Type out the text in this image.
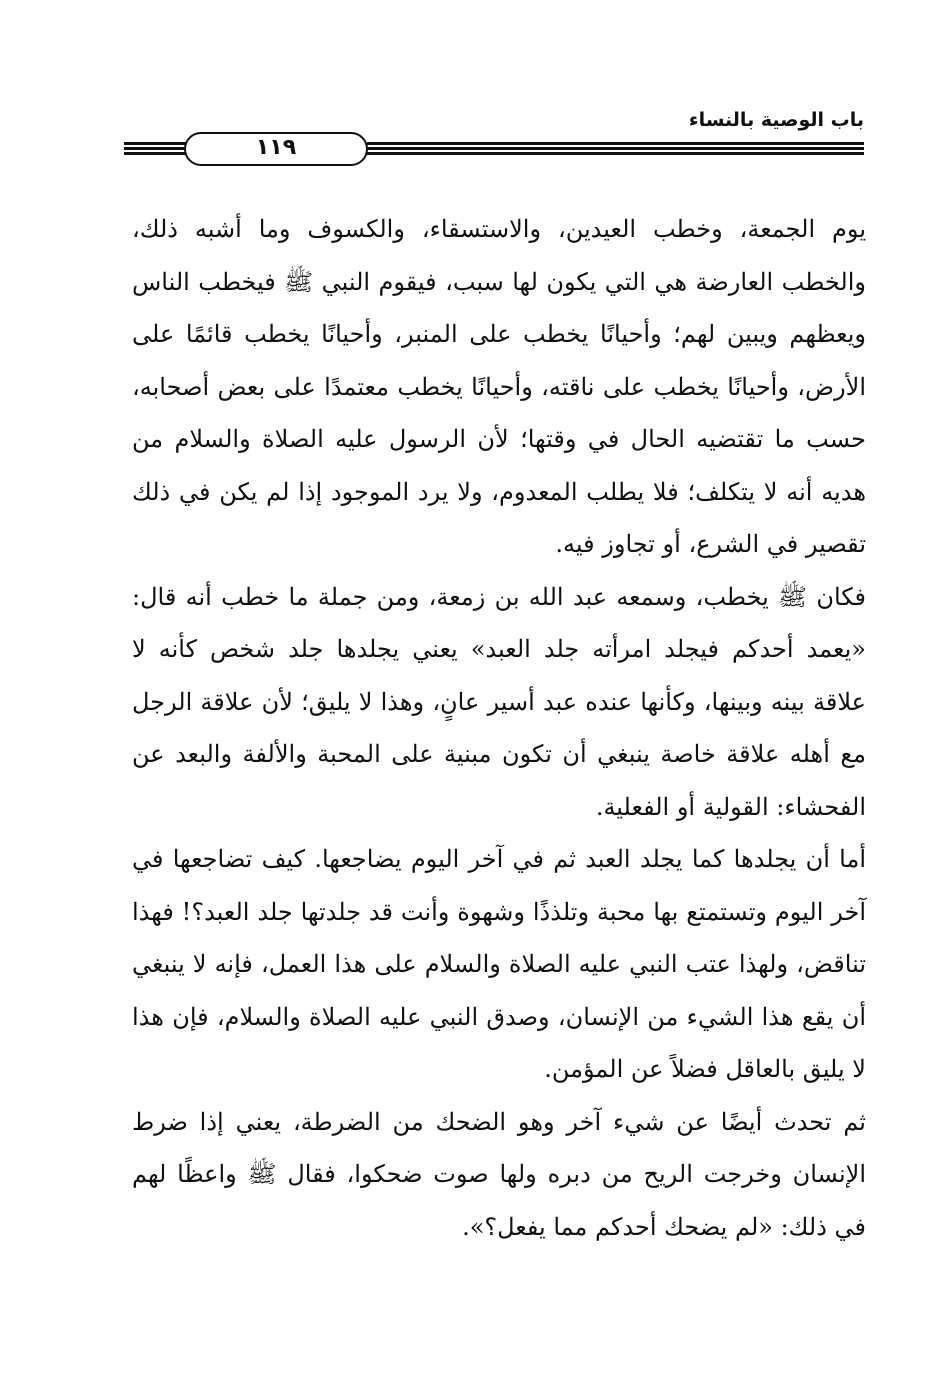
باب الوصية بالنساء
١١٩

يوم الجمعة، وخطب العيدين، والاستسقاء، والكسوف وما أشبه ذلك، والخطب العارضة هي التي يكون لها سبب، فيقوم النبي ﷺ فيخطب الناس ويعظهم ويبين لهم؛ وأحيانًا يخطب على المنبر، وأحيانًا يخطب قائمًا على الأرض، وأحيانًا يخطب على ناقته، وأحيانًا يخطب معتمدًا على بعض أصحابه، حسب ما تقتضيه الحال في وقتها؛ لأن الرسول عليه الصلاة والسلام من هديه أنه لا يتكلف؛ فلا يطلب المعدوم، ولا يرد الموجود إذا لم يكن في ذلك تقصير في الشرع، أو تجاوز فيه.

فكان ﷺ يخطب، وسمعه عبد الله بن زمعة، ومن جملة ما خطب أنه قال: «يعمد أحدكم فيجلد امرأته جلد العبد» يعني يجلدها جلد شخص كأنه لا علاقة بينه وبينها، وكأنها عنده عبد أسير عانٍ، وهذا لا يليق؛ لأن علاقة الرجل مع أهله علاقة خاصة ينبغي أن تكون مبنية على المحبة والألفة والبعد عن الفحشاء: القولية أو الفعلية.

أما أن يجلدها كما يجلد العبد ثم في آخر اليوم يضاجعها. كيف تضاجعها في آخر اليوم وتستمتع بها محبة وتلذذًا وشهوة وأنت قد جلدتها جلد العبد؟! فهذا تناقض، ولهذا عتب النبي عليه الصلاة والسلام على هذا العمل، فإنه لا ينبغي أن يقع هذا الشيء من الإنسان، وصدق النبي عليه الصلاة والسلام، فإن هذا لا يليق بالعاقل فضلاً عن المؤمن.

ثم تحدث أيضًا عن شيء آخر وهو الضحك من الضرطة، يعني إذا ضرط الإنسان وخرجت الريح من دبره ولها صوت ضحكوا، فقال ﷺ واعظًا لهم في ذلك: «لم يضحك أحدكم مما يفعل؟».
